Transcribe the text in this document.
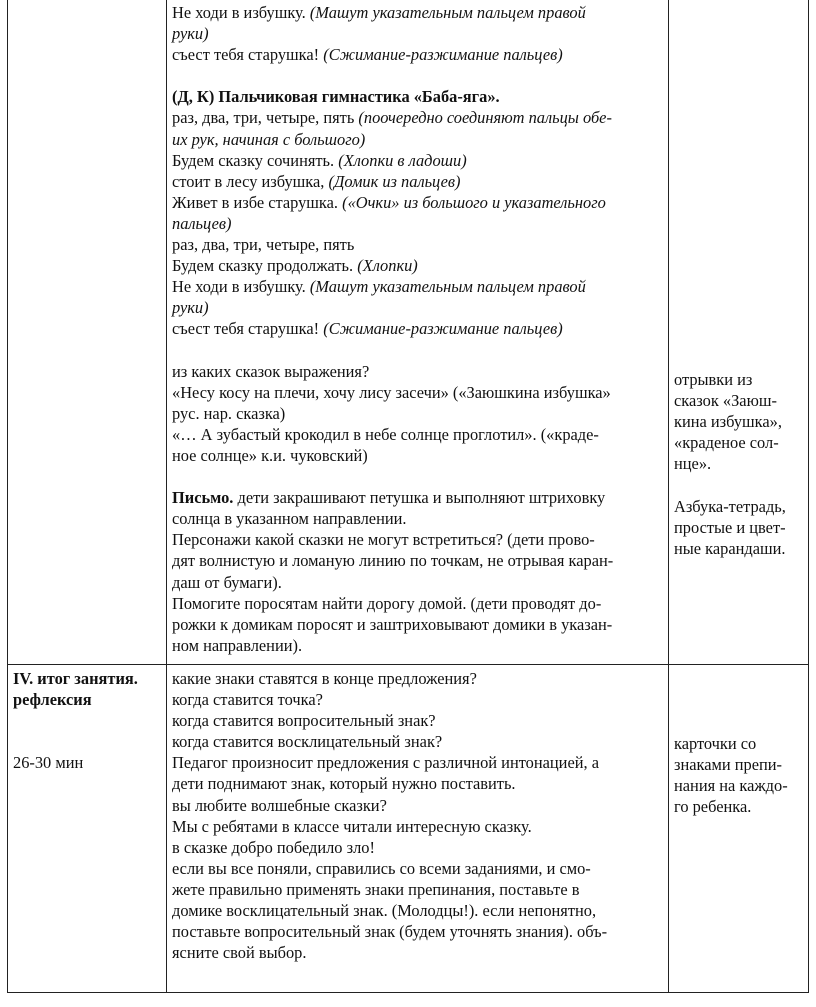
Не ходи в избушку. (Машут указательным пальцем правой
руки)
съест тебя старушка! (Сжимание-разжимание пальцев)
(Д, К) Пальчиковая гимнастика «Баба-яга».
раз, два, три, четыре, пять (поочередно соединяют пальцы обе-
их рук, начиная с большого)
Будем сказку сочинять. (Хлопки в ладоши)
стоит в лесу избушка, (Домик из пальцев)
Живет в избе старушка. («Очки» из большого и указательного
пальцев)
раз, два, три, четыре, пять
Будем сказку продолжать. (Хлопки)
Не ходи в избушку. (Машут указательным пальцем правой
руки)
съест тебя старушка! (Сжимание-разжимание пальцев)
из каких сказок выражения?
«Несу косу на плечи, хочу лису засечи» («Заюшкина избушка»
рус. нар. сказка)
«… А зубастый крокодил в небе солнце проглотил». («краде-
ное солнце» к.и. чуковский)
Письмо. дети закрашивают петушка и выполняют штриховку
солнца в указанном направлении.
Персонажи какой сказки не могут встретиться? (дети прово-
дят волнистую и ломаную линию по точкам, не отрывая каран-
даш от бумаги).
Помогите поросятам найти дорогу домой. (дети проводят до-
рожки к домикам поросят и заштриховывают домики в указан-
ном направлении).
отрывки из
сказок «Заюш-
кина избушка»,
«краденое сол-
нце».
Азбука-тетрадь,
простые и цвет-
ные карандаши.
IV. итог занятия.
рефлексия
26-30 мин
какие знаки ставятся в конце предложения?
когда ставится точка?
когда ставится вопросительный знак?
когда ставится восклицательный знак?
Педагог произносит предложения с различной интонацией, а
дети поднимают знак, который нужно поставить.
вы любите волшебные сказки?
Мы с ребятами в классе читали интересную сказку.
в сказке добро победило зло!
если вы все поняли, справились со всеми заданиями, и смо-
жете правильно применять знаки препинания, поставьте в
домике восклицательный знак. (Молодцы!). если непонятно,
поставьте вопросительный знак (будем уточнять знания). объ-
ясните свой выбор.
карточки со
знаками препи-
нания на каждо-
го ребенка.
